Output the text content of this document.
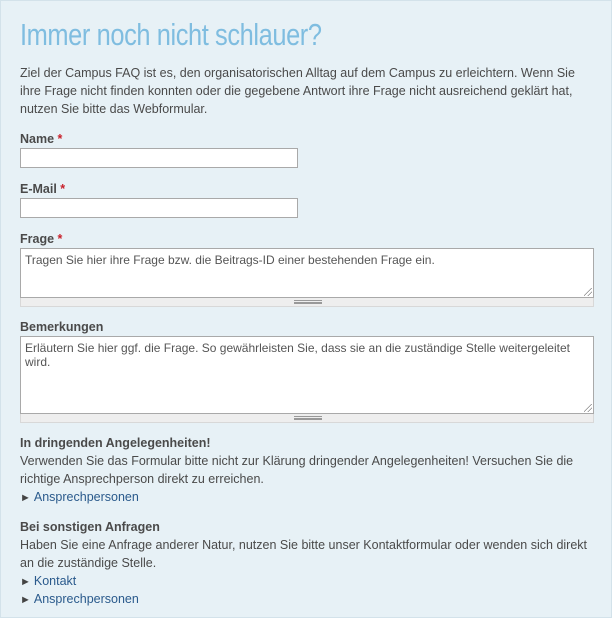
Immer noch nicht schlauer?
Ziel der Campus FAQ ist es, den organisatorischen Alltag auf dem Campus zu erleichtern. Wenn Sie ihre Frage nicht finden konnten oder die gegebene Antwort ihre Frage nicht ausreichend geklärt hat, nutzen Sie bitte das Webformular.
Name *
E-Mail *
Frage *
Tragen Sie hier ihre Frage bzw. die Beitrags-ID einer bestehenden Frage ein.
Bemerkungen
Erläutern Sie hier ggf. die Frage. So gewährleisten Sie, dass sie an die zuständige Stelle weitergeleitet wird.
In dringenden Angelegenheiten!
Verwenden Sie das Formular bitte nicht zur Klärung dringender Angelegenheiten! Versuchen Sie die richtige Ansprechperson direkt zu erreichen.
► Ansprechpersonen
Bei sonstigen Anfragen
Haben Sie eine Anfrage anderer Natur, nutzen Sie bitte unser Kontaktformular oder wenden sich direkt an die zuständige Stelle.
► Kontakt
► Ansprechpersonen
